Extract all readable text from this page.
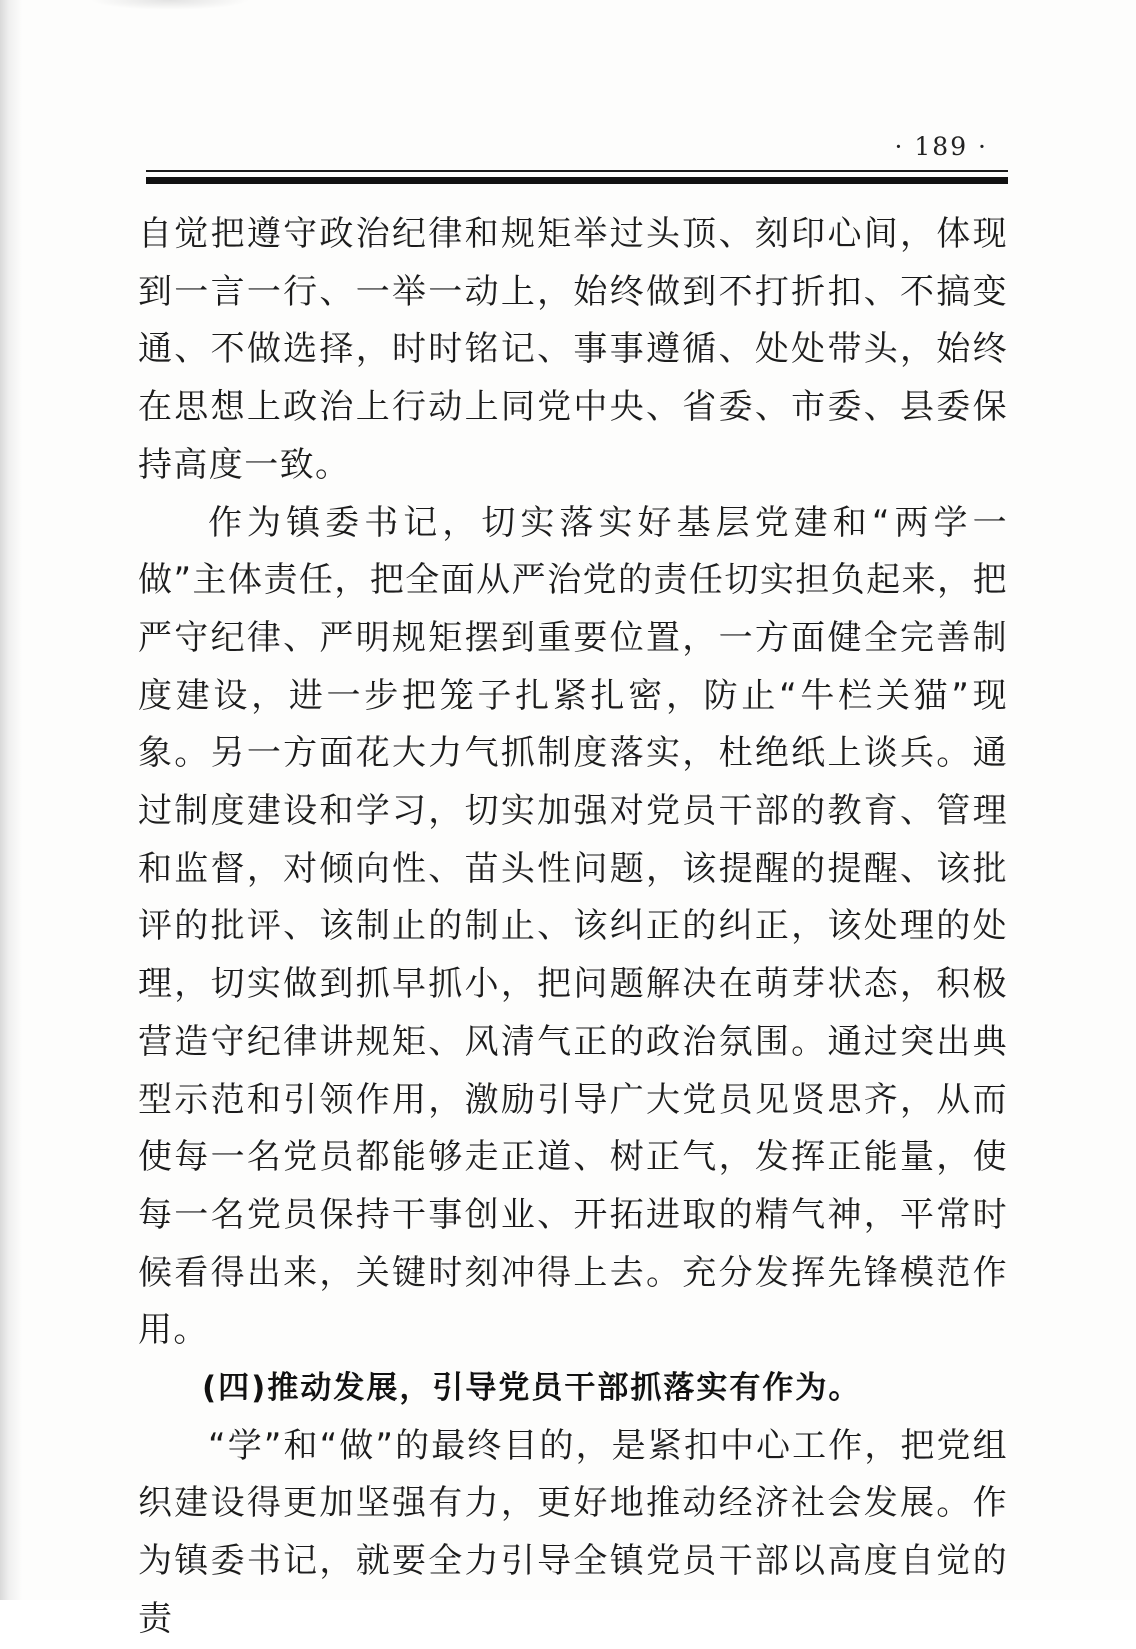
· 189 ·

自觉把遵守政治纪律和规矩举过头顶、刻印心间，体现到一言一行、一举一动上，始终做到不打折扣、不搞变通、不做选择，时时铭记、事事遵循、处处带头，始终在思想上政治上行动上同党中央、省委、市委、县委保持高度一致。

作为镇委书记，切实落实好基层党建和“两学一做”主体责任，把全面从严治党的责任切实担负起来，把严守纪律、严明规矩摆到重要位置，一方面健全完善制度建设，进一步把笼子扎紧扎密，防止“牛栏关猫”现象。另一方面花大力气抓制度落实，杜绝纸上谈兵。通过制度建设和学习，切实加强对党员干部的教育、管理和监督，对倾向性、苗头性问题，该提醒的提醒、该批评的批评、该制止的制止、该纠正的纠正，该处理的处理，切实做到抓早抓小，把问题解决在萌芽状态，积极营造守纪律讲规矩、风清气正的政治氛围。通过突出典型示范和引领作用，激励引导广大党员见贤思齐，从而使每一名党员都能够走正道、树正气，发挥正能量，使每一名党员保持干事创业、开拓进取的精气神，平常时候看得出来，关键时刻冲得上去。充分发挥先锋模范作用。

(四)推动发展，引导党员干部抓落实有作为。

“学”和“做”的最终目的，是紧扣中心工作，把党组织建设得更加坚强有力，更好地推动经济社会发展。作为镇委书记，就要全力引导全镇党员干部以高度自觉的责
